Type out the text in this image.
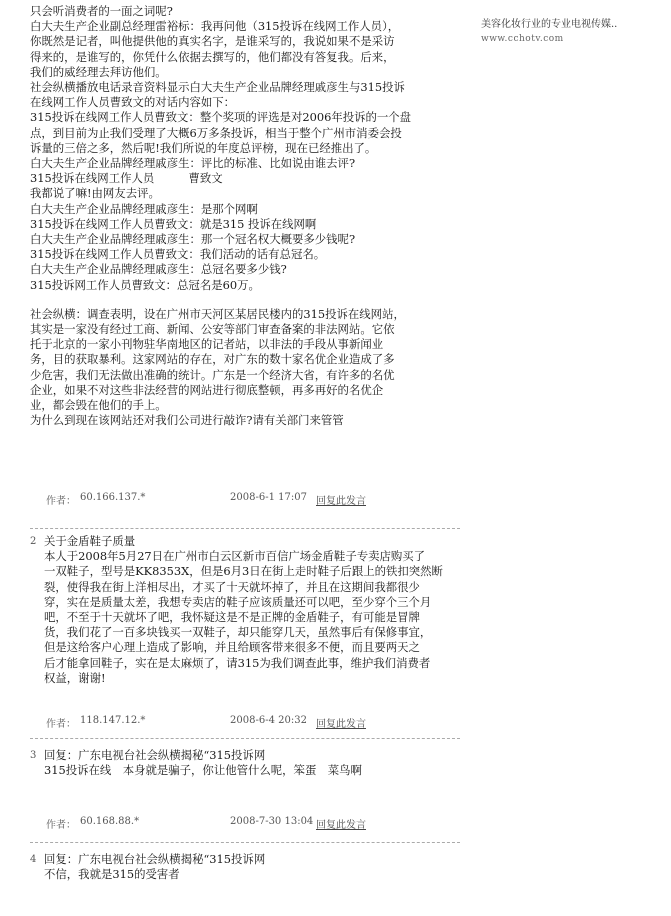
美容化妆行业的专业电视传媒..
www.cchotv.com

只会听消费者的一面之词呢?

白大夫生产企业副总经理雷裕标：我再问他（315投诉在线网工作人员），

你既然是记者，叫他提供他的真实名字，是谁采写的，我说如果不是采访

得来的，是谁写的，你凭什么依据去撰写的，他们都没有答复我。后来，

我们的威经理去拜访他们。

社会纵横播放电话录音资料显示白大夫生产企业品牌经理戚彦生与315投诉

在线网工作人员曹致文的对话内容如下：

315投诉在线网工作人员曹致文：整个奖项的评选是对2006年投诉的一个盘

点，到目前为止我们受理了大概6万多条投诉，相当于整个广州市消委会投

诉量的三倍之多，然后呢!我们所说的年度总评榜，现在已经推出了。

白大夫生产企业品牌经理戚彦生：评比的标准、比如说由谁去评?

315投诉在线网工作人员　　　曹致文

我都说了嘛!由网友去评。

白大夫生产企业品牌经理戚彦生：是那个网啊

315投诉在线网工作人员曹致文：就是315 投诉在线网啊

白大夫生产企业品牌经理戚彦生：那一个冠名权大概要多少钱呢?

315投诉在线网工作人员曹致文：我们活动的话有总冠名。

白大夫生产企业品牌经理戚彦生：总冠名要多少钱?

315投诉网工作人员曹致文：总冠名是60万。

社会纵横：调查表明，设在广州市天河区某居民楼内的315投诉在线网站，

其实是一家没有经过工商、新闻、公安等部门审查备案的非法网站。它依

托于北京的一家小刊物驻华南地区的记者站，以非法的手段从事新闻业

务，目的获取暴利。这家网站的存在，对广东的数十家名优企业造成了多

少危害，我们无法做出准确的统计。广东是一个经济大省，有许多的名优

企业，如果不对这些非法经营的网站进行彻底整顿，再多再好的名优企

业，都会毁在他们的手上。

为什么到现在该网站还对我们公司进行敲诈?请有关部门来管管

作者： 60.166.137.*	2008-6-1 17:07 回复此发言
2 关于金盾鞋子质量

本人于2008年5月27日在广州市白云区新市百信广场金盾鞋子专卖店购买了

一双鞋子，型号是KK8353X，但是6月3日在街上走时鞋子后跟上的铁扣突然断

裂，使得我在街上洋相尽出，才买了十天就坏掉了，并且在这期间我都很少

穿，实在是质量太差，我想专卖店的鞋子应该质量还可以吧，至少穿个三个月

吧，不至于十天就坏了吧，我怀疑这是不是正牌的金盾鞋子，有可能是冒牌

货，我们花了一百多块钱买一双鞋子，却只能穿几天，虽然事后有保修事宜，

但是这给客户心理上造成了影响，并且给顾客带来很多不便，而且要两天之

后才能拿回鞋子，实在是太麻烦了，请315为我们调查此事，维护我们消费者

权益，谢谢!

作者： 118.147.12.*	2008-6-4 20:32 回复此发言
3 回复：广东电视台社会纵横揭秘“315投诉网

315投诉在线　本身就是骗子，你让他管什么呢，笨蛋　菜鸟啊

作者： 60.168.88.*	2008-7-30 13:04 回复此发言
4 回复：广东电视台社会纵横揭秘“315投诉网

不信，我就是315的受害者
